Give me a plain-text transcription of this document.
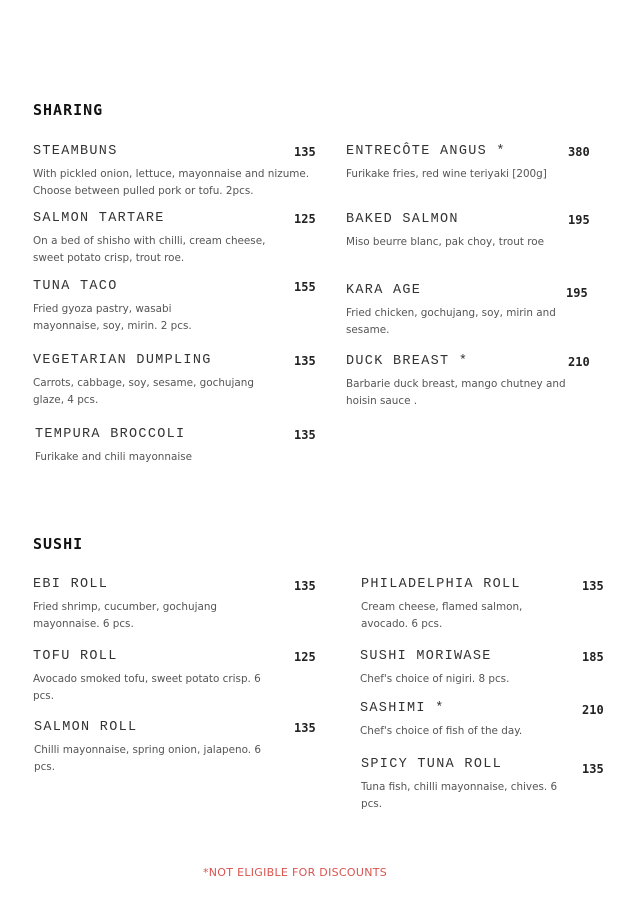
SHARING
SUSHI
*NOT ELIGIBLE FOR DISCOUNTS
STEAMBUNS
With pickled onion, lettuce, mayonnaise and nizume. Choose between pulled pork or tofu. 2pcs.
135
SALMON TARTARE
On a bed of shisho with chilli, cream cheese, sweet potato crisp, trout roe.
125
TUNA TACO
Fried gyoza pastry, wasabi mayonnaise, soy, mirin. 2 pcs.
155
VEGETARIAN DUMPLING
Carrots, cabbage, soy, sesame, gochujang glaze, 4 pcs.
135
TEMPURA BROCCOLI
Furikake and chili mayonnaise
135
ENTRECÔTE ANGUS *
Furikake fries, red wine teriyaki [200g]
380
BAKED SALMON
Miso beurre blanc, pak choy, trout roe
195
KARA AGE
Fried chicken, gochujang, soy, mirin and sesame.
195
DUCK BREAST *
Barbarie duck breast, mango chutney and hoisin sauce .
210
EBI ROLL
Fried shrimp, cucumber, gochujang mayonnaise. 6 pcs.
135
TOFU ROLL
Avocado smoked tofu, sweet potato crisp. 6 pcs.
125
SALMON ROLL
Chilli mayonnaise, spring onion, jalapeno. 6 pcs.
135
PHILADELPHIA ROLL
Cream cheese, flamed salmon, avocado. 6 pcs.
135
SUSHI MORIWASE
Chef's choice of nigiri. 8 pcs.
185
SASHIMI *
Chef's choice of fish of the day.
210
SPICY TUNA ROLL
Tuna fish, chilli mayonnaise, chives. 6 pcs.
135
